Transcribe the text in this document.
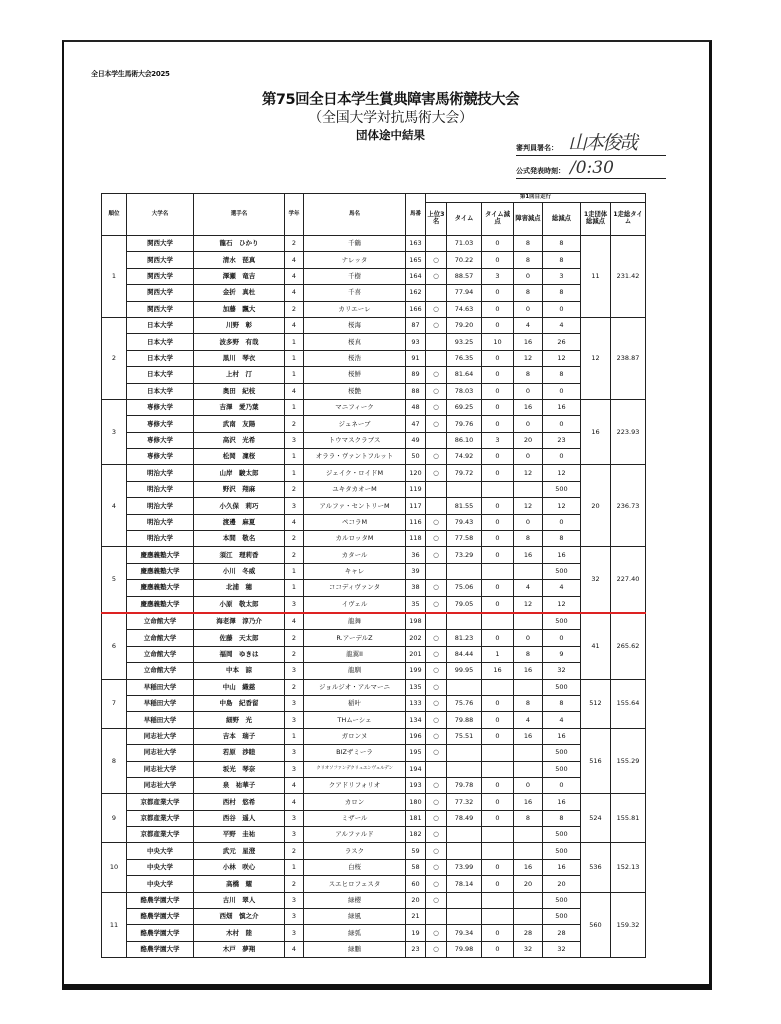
全日本学生馬術大会2025
第75回全日本学生賞典障害馬術競技大会
（全国大学対抗馬術大会）
団体途中結果
審判員署名： 山本俊哉
公式発表時刻： /0:30
順位	大学名	選手名	学年	馬名	馬番	第1回目走行						
						上位3名	タイム	タイム減点	障害減点	総減点	1走団体総減点	1走総タイム
1	関西大学	龍石　ひかり	2	千鶴	163		71.03	0	8	8	11	231.42
	関西大学	清水　琵真	4	ナレッタ	165	○	70.22	0	8	8		
	関西大学	澤瀬　竜吉	4	千樹	164	○	88.57	3	0	3		
	関西大学	金折　真杜	4	千喜	162		77.94	0	8	8		
	関西大学	加藤　飄大	2	カリエーレ	166	○	74.63	0	0	0		
2	日本大学	川野　彰	4	桜海	87	○	79.20	0	4	4	12	238.87
	日本大学	波多野　有哉	1	桜真	93		93.25	10	16	26		
	日本大学	黒川　琴衣	1	桜浩	91		76.35	0	12	12		
	日本大学	上村　汀	1	桜鮮	89	○	81.64	0	8	8		
	日本大学	奥田　紀枝	4	桜艶	88	○	78.03	0	0	0		
3	専修大学	吉澤　愛乃葉	1	マニフィーク	48	○	69.25	0	16	16	16	223.93
	専修大学	武南　友陽	2	ジュネーブ	47	○	79.76	0	0	0		
	専修大学	高沢　光希	3	トウマスクラブス	49		86.10	3	20	23		
	専修大学	松岡　凜桜	1	オララ・ヴァントフルット	50	○	74.92	0	0	0		
4	明治大学	山岸　駿太郎	1	ジェイク・ロイドM	120	○	79.72	0	12	12	20	236.73
	明治大学	野沢　翔麻	2	ユキタカオーM	119					500		
	明治大学	小久保　莉巧	3	アルファ・セントリーM	117		81.55	0	12	12		
	明治大学	渡邊　麻夏	4	ペコラM	116	○	79.43	0	0	0		
	明治大学	本間　敬名	2	カルロッタM	118	○	77.58	0	8	8		
5	慶應義塾大学	須江　理莉香	2	カタール	36	○	73.29	0	16	16	32	227.40
	慶應義塾大学	小川　冬威	1	キャレ	39					500		
	慶應義塾大学	北浦　穂	1	ココディヴァンタ	38	○	75.06	0	4	4		
	慶應義塾大学	小原　敬太郎	3	イヴェル	35	○	79.05	0	12	12		
6	立命館大学	海老澤　淳乃介	4	龍舞	198					500	41	265.62
	立命館大学	佐藤　天太郎	2	R.アーデルZ	202	○	81.23	0	0	0		
	立命館大学	福岡　ゆきは	2	龍翼II	201	○	84.44	1	8	9		
	立命館大学	中本　諒	3	龍馴	199	○	99.95	16	16	32		
7	早稲田大学	中山　織慈	2	ジョルジオ・アルマーニ	135	○				500	512	155.64
	早稲田大学	中島　紀香留	3	稲叶	133	○	75.76	0	8	8		
	早稲田大学	細野　光	3	THムーシェ	134	○	79.88	0	4	4		
8	同志社大学	吉本　瑞子	1	ガロンヌ	196	○	75.51	0	16	16	516	155.29
	同志社大学	若原　渉睦	3	BIZザミーラ	195	○				500		
	同志社大学	坂光　琴奈	3	クリオソファンデクリュエンヴェルデン	194					500		
	同志社大学	泉　祐華子	4	クアドリフォリオ	193	○	79.78	0	0	0		
9	京都産業大学	西村　悠希	4	カロン	180	○	77.32	0	16	16	524	155.81
	京都産業大学	西谷　遥人	3	ミザール	181	○	78.49	0	8	8		
	京都産業大学	平野　圭祐	3	アルファルド	182	○				500		
10	中央大学	武元　星澄	2	ラスク	59	○				500	536	152.13
	中央大学	小林　咲心	1	白桜	58	○	73.99	0	16	16		
	中央大学	高橋　耀	2	スエヒロフェスタ	60	○	78.14	0	20	20		
11	酪農学園大学	古川　翠人	3	緑櫻	20	○				500	560	159.32
	酪農学園大学	西畑　慎之介	3	緑風	21					500		
	酪農学園大学	木村　陸	3	緑弧	19	○	79.34	0	28	28		
	酪農学園大学	木戸　夢翔	4	緑鵬	23	○	79.98	0	32	32		
